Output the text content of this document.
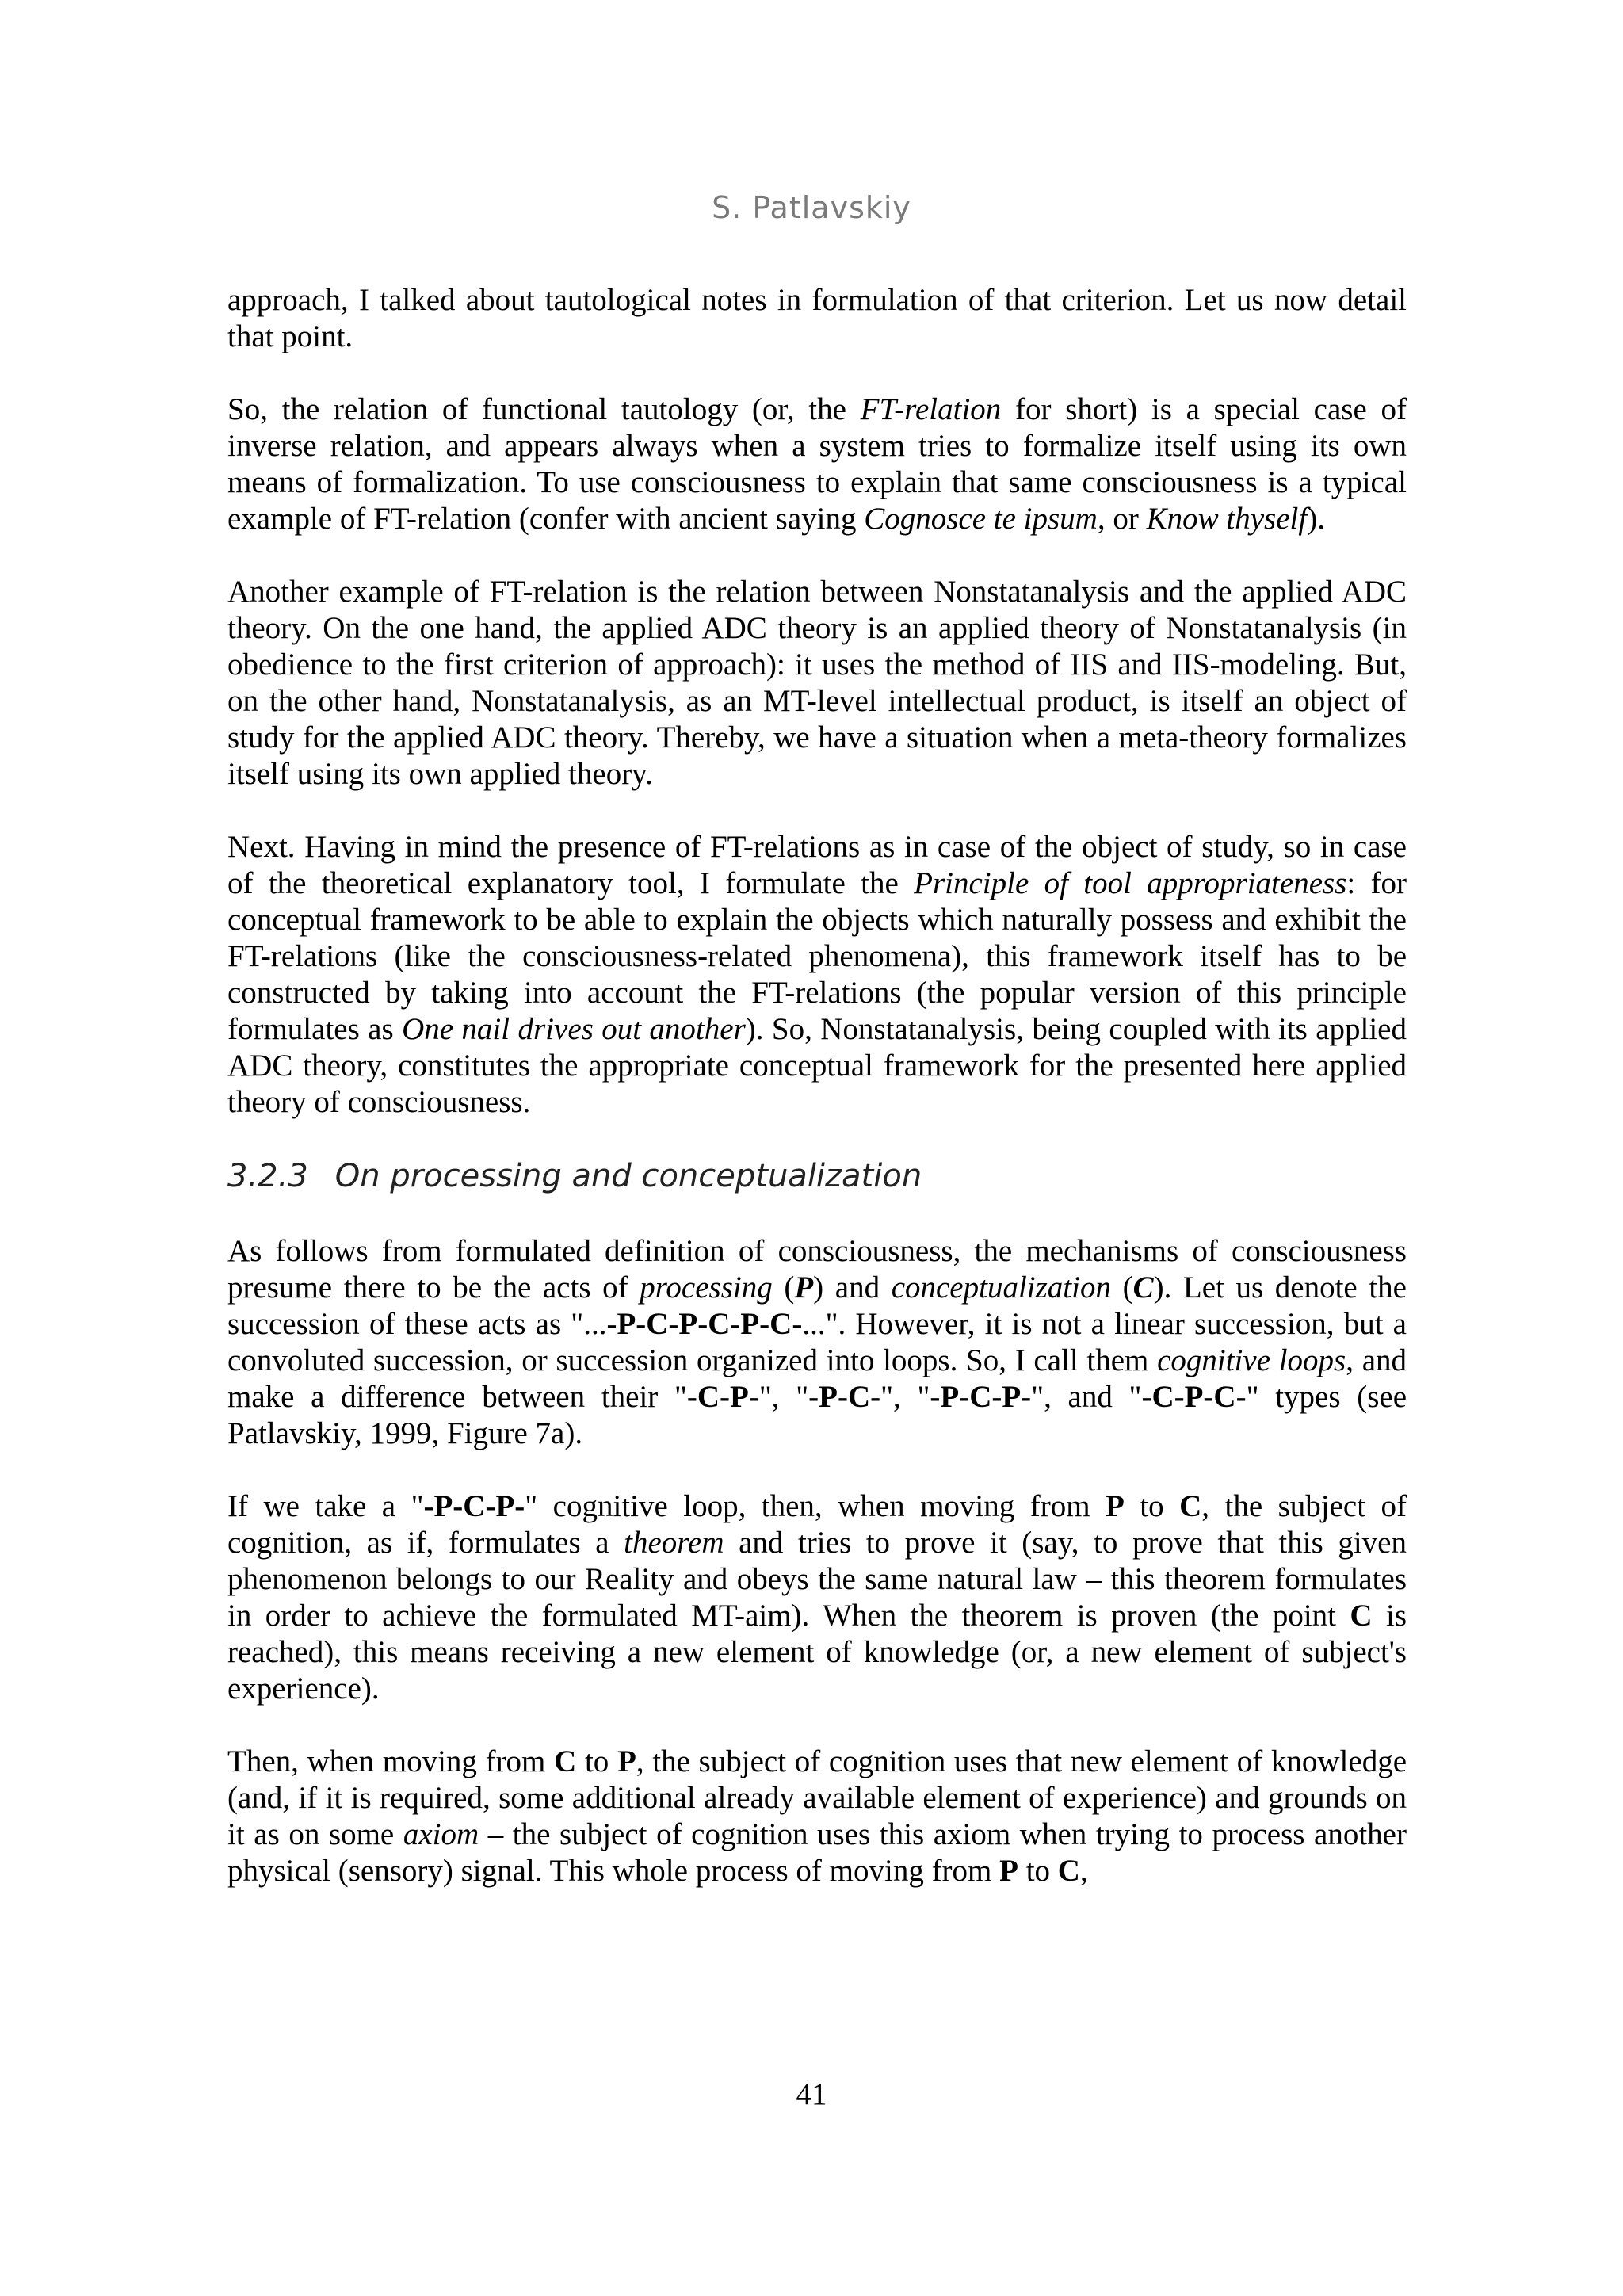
S. Patlavskiy

approach, I talked about tautological notes in formulation of that criterion. Let us now detail that point.

So, the relation of functional tautology (or, the FT-relation for short) is a special case of inverse relation, and appears always when a system tries to formalize itself using its own means of formalization. To use consciousness to explain that same consciousness is a typical example of FT-relation (confer with ancient saying Cognosce te ipsum, or Know thyself).

Another example of FT-relation is the relation between Nonstatanalysis and the applied ADC theory. On the one hand, the applied ADC theory is an applied theory of Nonstatanalysis (in obedience to the first criterion of approach): it uses the method of IIS and IIS-modeling. But, on the other hand, Nonstatanalysis, as an MT-level intellectual product, is itself an object of study for the applied ADC theory. Thereby, we have a situation when a meta-theory formalizes itself using its own applied theory.

Next. Having in mind the presence of FT-relations as in case of the object of study, so in case of the theoretical explanatory tool, I formulate the Principle of tool appropriateness: for conceptual framework to be able to explain the objects which naturally possess and exhibit the FT-relations (like the consciousness-related phenomena), this framework itself has to be constructed by taking into account the FT-relations (the popular version of this principle formulates as One nail drives out another). So, Nonstatanalysis, being coupled with its applied ADC theory, constitutes the appropriate conceptual framework for the presented here applied theory of consciousness.

3.2.3 On processing and conceptualization

As follows from formulated definition of consciousness, the mechanisms of consciousness presume there to be the acts of processing (P) and conceptualization (C). Let us denote the succession of these acts as "...-P-C-P-C-P-C-...". However, it is not a linear succession, but a convoluted succession, or succession organized into loops. So, I call them cognitive loops, and make a difference between their "-C-P-", "-P-C-", "-P-C-P-", and "-C-P-C-" types (see Patlavskiy, 1999, Figure 7a).

If we take a "-P-C-P-" cognitive loop, then, when moving from P to C, the subject of cognition, as if, formulates a theorem and tries to prove it (say, to prove that this given phenomenon belongs to our Reality and obeys the same natural law – this theorem formulates in order to achieve the formulated MT-aim). When the theorem is proven (the point C is reached), this means receiving a new element of knowledge (or, a new element of subject's experience).

Then, when moving from C to P, the subject of cognition uses that new element of knowledge (and, if it is required, some additional already available element of experience) and grounds on it as on some axiom – the subject of cognition uses this axiom when trying to process another physical (sensory) signal. This whole process of moving from P to C,

41
